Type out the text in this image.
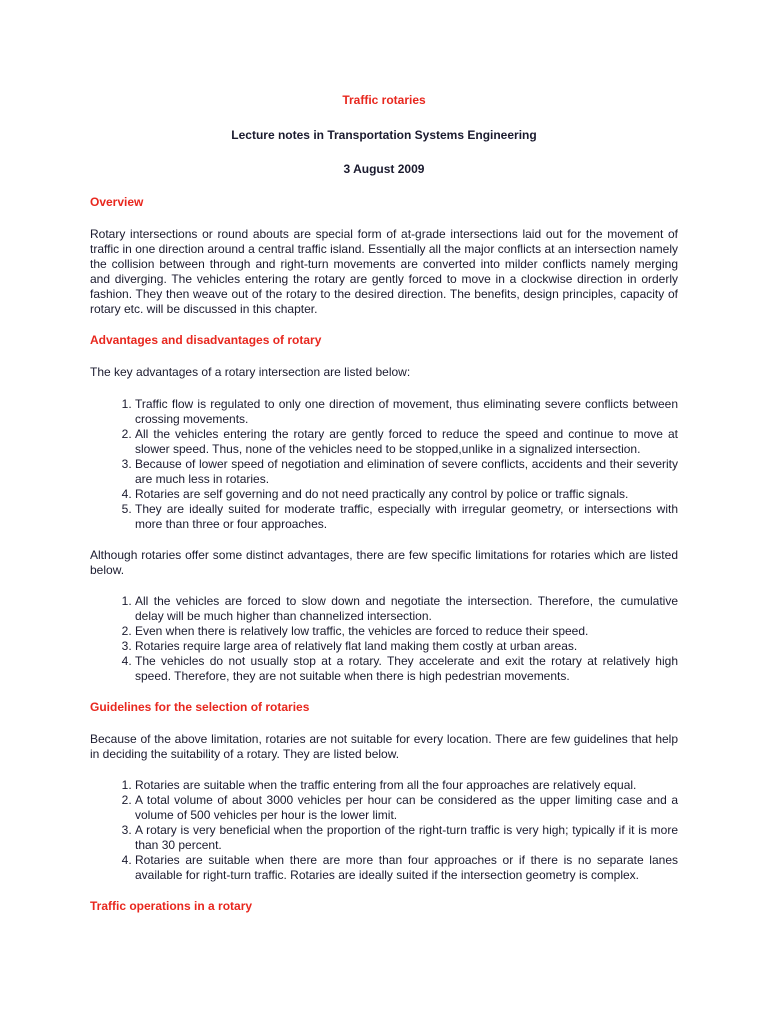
Traffic rotaries

Lecture notes in Transportation Systems Engineering

3 August 2009

Overview

Rotary intersections or round abouts are special form of at-grade intersections laid out for the movement of traffic in one direction around a central traffic island. Essentially all the major conflicts at an intersection namely the collision between through and right-turn movements are converted into milder conflicts namely merging and diverging. The vehicles entering the rotary are gently forced to move in a clockwise direction in orderly fashion. They then weave out of the rotary to the desired direction. The benefits, design principles, capacity of rotary etc. will be discussed in this chapter.

Advantages and disadvantages of rotary

The key advantages of a rotary intersection are listed below:

1. Traffic flow is regulated to only one direction of movement, thus eliminating severe conflicts between crossing movements.
2. All the vehicles entering the rotary are gently forced to reduce the speed and continue to move at slower speed. Thus, none of the vehicles need to be stopped,unlike in a signalized intersection.
3. Because of lower speed of negotiation and elimination of severe conflicts, accidents and their severity are much less in rotaries.
4. Rotaries are self governing and do not need practically any control by police or traffic signals.
5. They are ideally suited for moderate traffic, especially with irregular geometry, or intersections with more than three or four approaches.

Although rotaries offer some distinct advantages, there are few specific limitations for rotaries which are listed below.

1. All the vehicles are forced to slow down and negotiate the intersection. Therefore, the cumulative delay will be much higher than channelized intersection.
2. Even when there is relatively low traffic, the vehicles are forced to reduce their speed.
3. Rotaries require large area of relatively flat land making them costly at urban areas.
4. The vehicles do not usually stop at a rotary. They accelerate and exit the rotary at relatively high speed. Therefore, they are not suitable when there is high pedestrian movements.
Guidelines for the selection of rotaries

Because of the above limitation, rotaries are not suitable for every location. There are few guidelines that help in deciding the suitability of a rotary. They are listed below.

1. Rotaries are suitable when the traffic entering from all the four approaches are relatively equal.
2. A total volume of about 3000 vehicles per hour can be considered as the upper limiting case and a volume of 500 vehicles per hour is the lower limit.
3. A rotary is very beneficial when the proportion of the right-turn traffic is very high; typically if it is more than 30 percent.
4. Rotaries are suitable when there are more than four approaches or if there is no separate lanes available for right-turn traffic. Rotaries are ideally suited if the intersection geometry is complex.
Traffic operations in a rotary
